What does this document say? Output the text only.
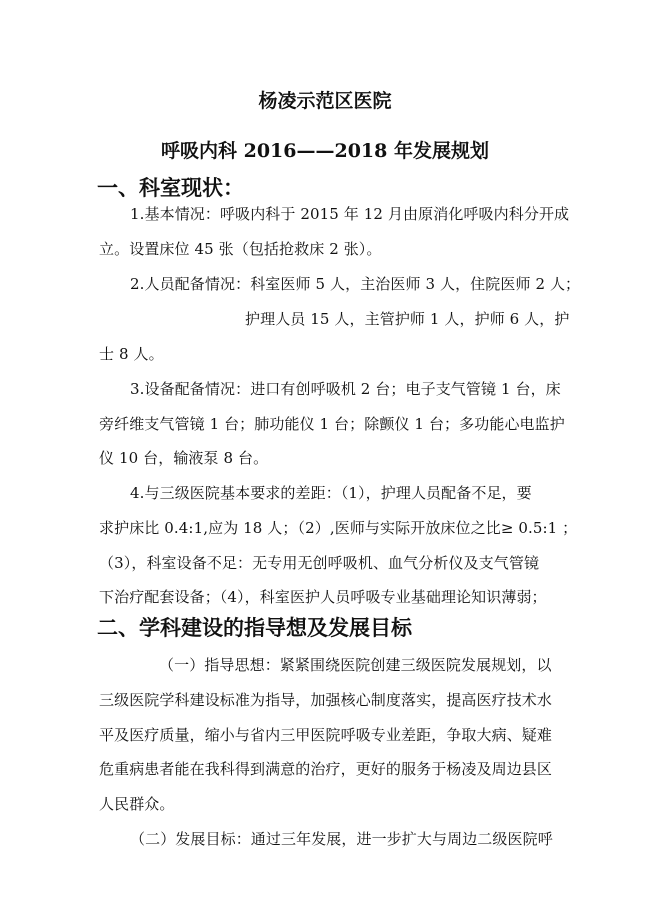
杨凌示范区医院
呼吸内科 2016——2018 年发展规划
一、科室现状：
1.基本情况：呼吸内科于 2015 年 12 月由原消化呼吸内科分开成
立。设置床位 45 张（包括抢救床 2 张）。
2.人员配备情况：科室医师 5 人，主治医师 3 人，住院医师 2 人；
护理人员 15 人，主管护师 1 人，护师 6 人，护
士 8 人。
3.设备配备情况：进口有创呼吸机 2 台；电子支气管镜 1 台，床
旁纤维支气管镜 1 台；肺功能仪 1 台；除颤仪 1 台；多功能心电监护
仪 10 台，输液泵 8 台。
4.与三级医院基本要求的差距：（1），护理人员配备不足，要
求护床比 0.4:1,应为 18 人；（2）,医师与实际开放床位之比≥ 0.5:1 ；
（3），科室设备不足：无专用无创呼吸机、血气分析仪及支气管镜
下治疗配套设备；（4），科室医护人员呼吸专业基础理论知识薄弱；
二、学科建设的指导想及发展目标
（一）指导思想：紧紧围绕医院创建三级医院发展规划，以
三级医院学科建设标准为指导，加强核心制度落实，提高医疗技术水
平及医疗质量，缩小与省内三甲医院呼吸专业差距，争取大病、疑难
危重病患者能在我科得到满意的治疗，更好的服务于杨凌及周边县区
人民群众。
（二）发展目标：通过三年发展，进一步扩大与周边二级医院呼
